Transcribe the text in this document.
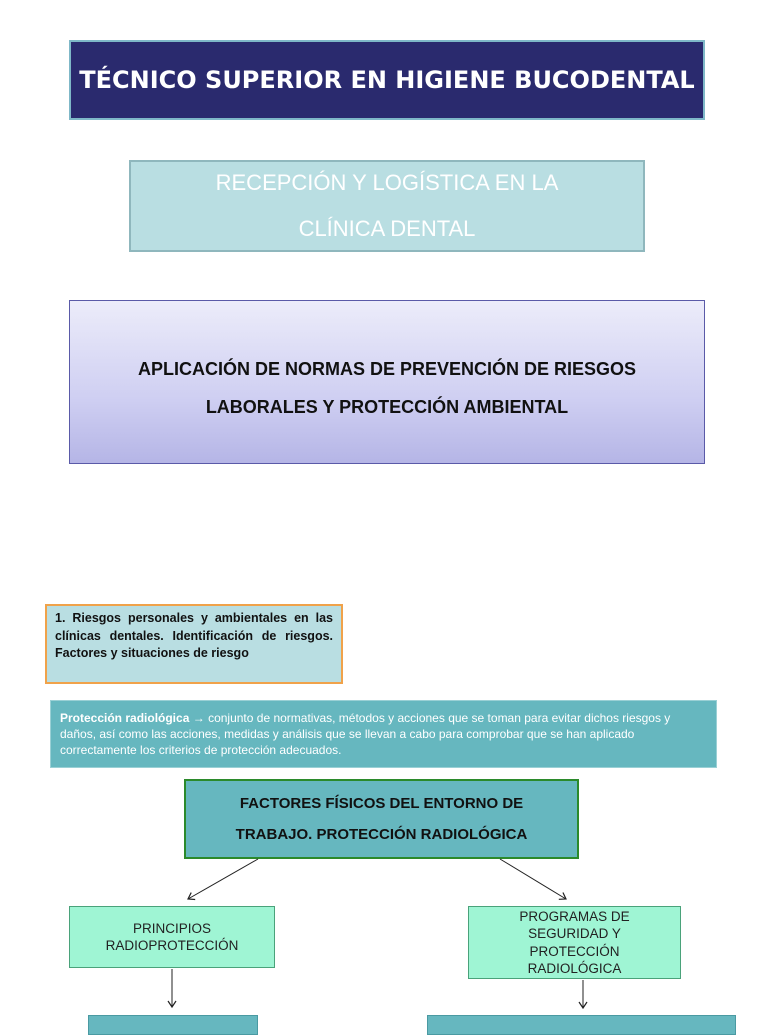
TÉCNICO SUPERIOR EN HIGIENE BUCODENTAL
RECEPCIÓN Y LOGÍSTICA EN LA CLÍNICA DENTAL
APLICACIÓN DE NORMAS DE PREVENCIÓN DE RIESGOS LABORALES Y PROTECCIÓN AMBIENTAL
1. Riesgos personales y ambientales en las clínicas dentales. Identificación de riesgos. Factores y situaciones de riesgo
Protección radiológica → conjunto de normativas, métodos y acciones que se toman para evitar dichos riesgos y daños, así como las acciones, medidas y análisis que se llevan a cabo para comprobar que se han aplicado correctamente los criterios de protección adecuados.
FACTORES FÍSICOS DEL ENTORNO DE TRABAJO. PROTECCIÓN RADIOLÓGICA
PRINCIPIOS RADIOPROTECCIÓN
PROGRAMAS DE SEGURIDAD Y PROTECCIÓN RADIOLÓGICA
